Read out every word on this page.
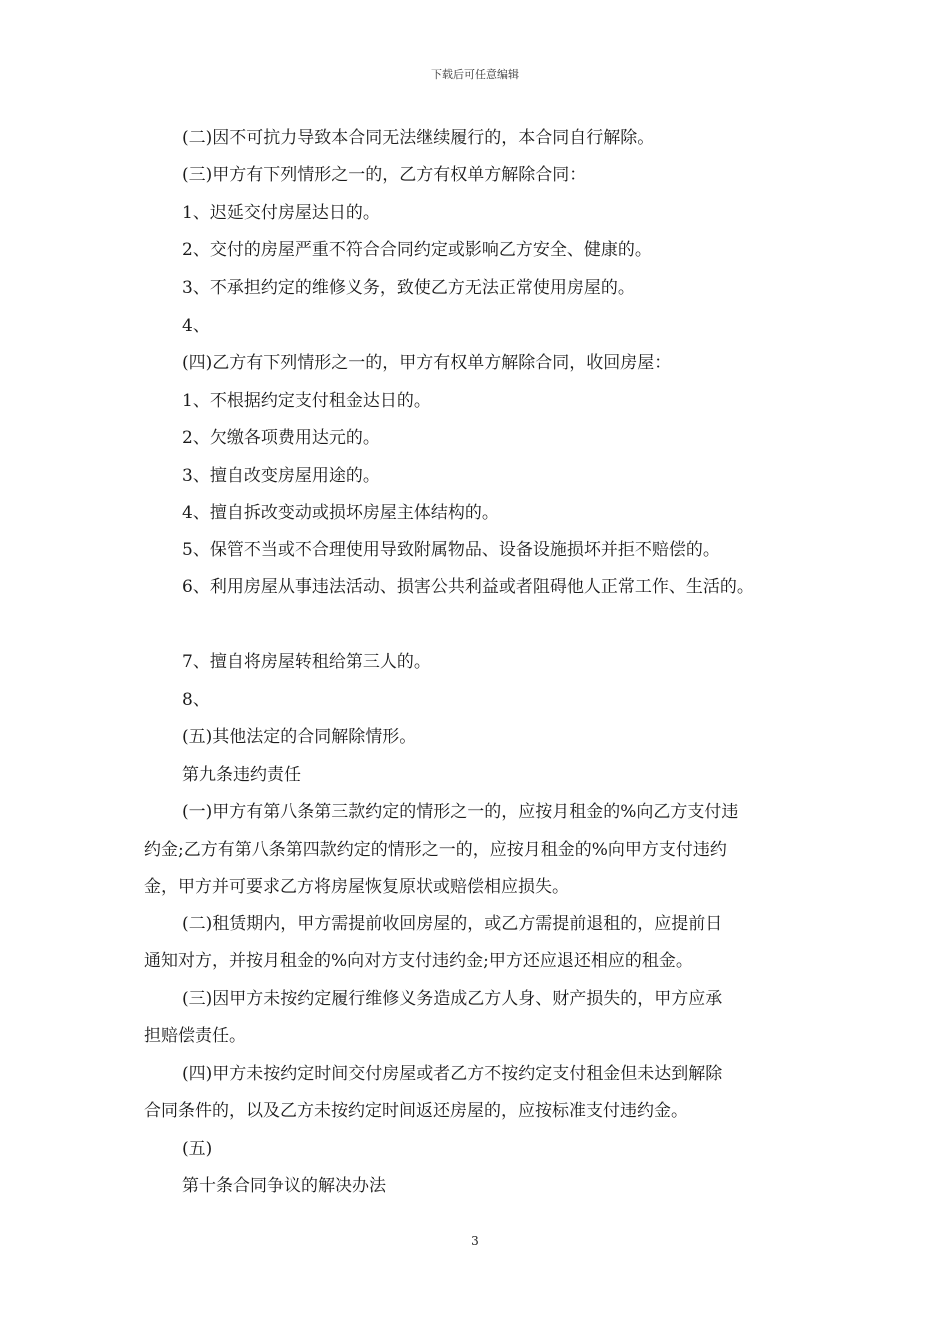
下载后可任意编辑
(二)因不可抗力导致本合同无法继续履行的，本合同自行解除。
(三)甲方有下列情形之一的，乙方有权单方解除合同：
1、迟延交付房屋达日的。
2、交付的房屋严重不符合合同约定或影响乙方安全、健康的。
3、不承担约定的维修义务，致使乙方无法正常使用房屋的。
4、
(四)乙方有下列情形之一的，甲方有权单方解除合同，收回房屋：
1、不根据约定支付租金达日的。
2、欠缴各项费用达元的。
3、擅自改变房屋用途的。
4、擅自拆改变动或损坏房屋主体结构的。
5、保管不当或不合理使用导致附属物品、设备设施损坏并拒不赔偿的。
6、利用房屋从事违法活动、损害公共利益或者阻碍他人正常工作、生活的。
7、擅自将房屋转租给第三人的。
8、
(五)其他法定的合同解除情形。
第九条违约责任
(一)甲方有第八条第三款约定的情形之一的，应按月租金的%向乙方支付违
约金;乙方有第八条第四款约定的情形之一的，应按月租金的%向甲方支付违约
金，甲方并可要求乙方将房屋恢复原状或赔偿相应损失。
(二)租赁期内，甲方需提前收回房屋的，或乙方需提前退租的，应提前日
通知对方，并按月租金的%向对方支付违约金;甲方还应退还相应的租金。
(三)因甲方未按约定履行维修义务造成乙方人身、财产损失的，甲方应承
担赔偿责任。
(四)甲方未按约定时间交付房屋或者乙方不按约定支付租金但未达到解除
合同条件的，以及乙方未按约定时间返还房屋的，应按标准支付违约金。
(五)
第十条合同争议的解决办法
3
